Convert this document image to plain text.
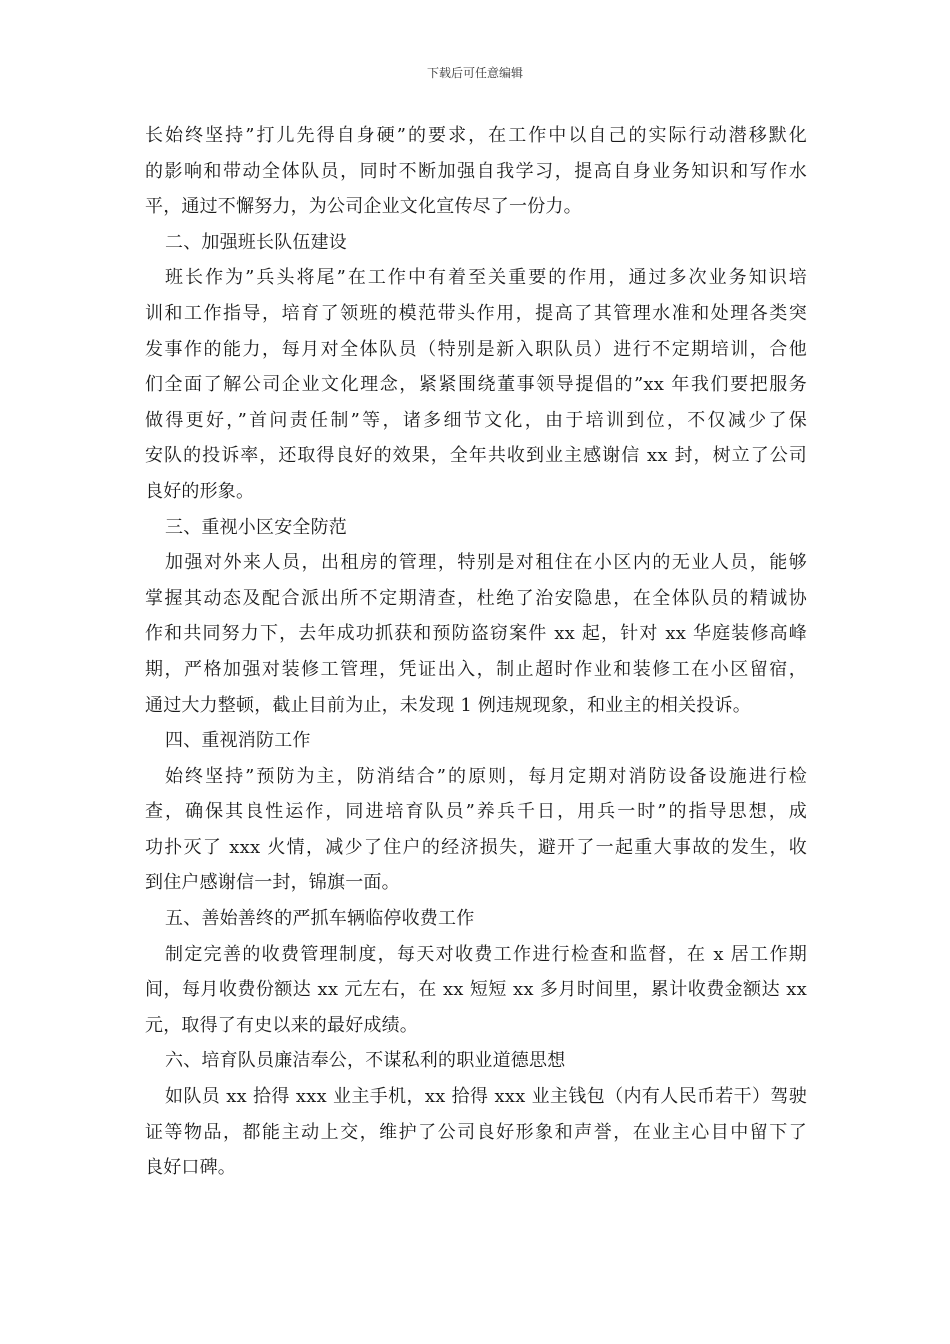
下载后可任意编辑
长始终坚持”打儿先得自身硬”的要求，在工作中以自己的实际行动潜移默化
的影响和带动全体队员，同时不断加强自我学习，提高自身业务知识和写作水
平，通过不懈努力，为公司企业文化宣传尽了一份力。
二、加强班长队伍建设
班长作为”兵头将尾”在工作中有着至关重要的作用，通过多次业务知识培
训和工作指导，培育了领班的模范带头作用，提高了其管理水准和处理各类突
发事作的能力，每月对全体队员（特别是新入职队员）进行不定期培训，合他
们全面了解公司企业文化理念，紧紧围绕董事领导提倡的”xx 年我们要把服务
做得更好，”首问责任制”等，诸多细节文化，由于培训到位，不仅减少了保
安队的投诉率，还取得良好的效果，全年共收到业主感谢信 xx 封，树立了公司
良好的形象。
三、重视小区安全防范
加强对外来人员，出租房的管理，特别是对租住在小区内的无业人员，能够
掌握其动态及配合派出所不定期清查，杜绝了治安隐患，在全体队员的精诚协
作和共同努力下，去年成功抓获和预防盗窃案件 xx 起，针对 xx 华庭装修高峰
期，严格加强对装修工管理，凭证出入，制止超时作业和装修工在小区留宿，
通过大力整顿，截止目前为止，未发现 1 例违规现象，和业主的相关投诉。
四、重视消防工作
始终坚持”预防为主，防消结合”的原则，每月定期对消防设备设施进行检
查，确保其良性运作，同进培育队员”养兵千日，用兵一时”的指导思想，成
功扑灭了 xxx 火情，减少了住户的经济损失，避开了一起重大事故的发生，收
到住户感谢信一封，锦旗一面。
五、善始善终的严抓车辆临停收费工作
制定完善的收费管理制度，每天对收费工作进行检查和监督，在 x 居工作期
间，每月收费份额达 xx 元左右，在 xx 短短 xx 多月时间里，累计收费金额达 xx
元，取得了有史以来的最好成绩。
六、培育队员廉洁奉公，不谋私利的职业道德思想
如队员 xx 拾得 xxx 业主手机，xx 拾得 xxx 业主钱包（内有人民币若干）驾驶
证等物品，都能主动上交，维护了公司良好形象和声誉，在业主心目中留下了
良好口碑。
